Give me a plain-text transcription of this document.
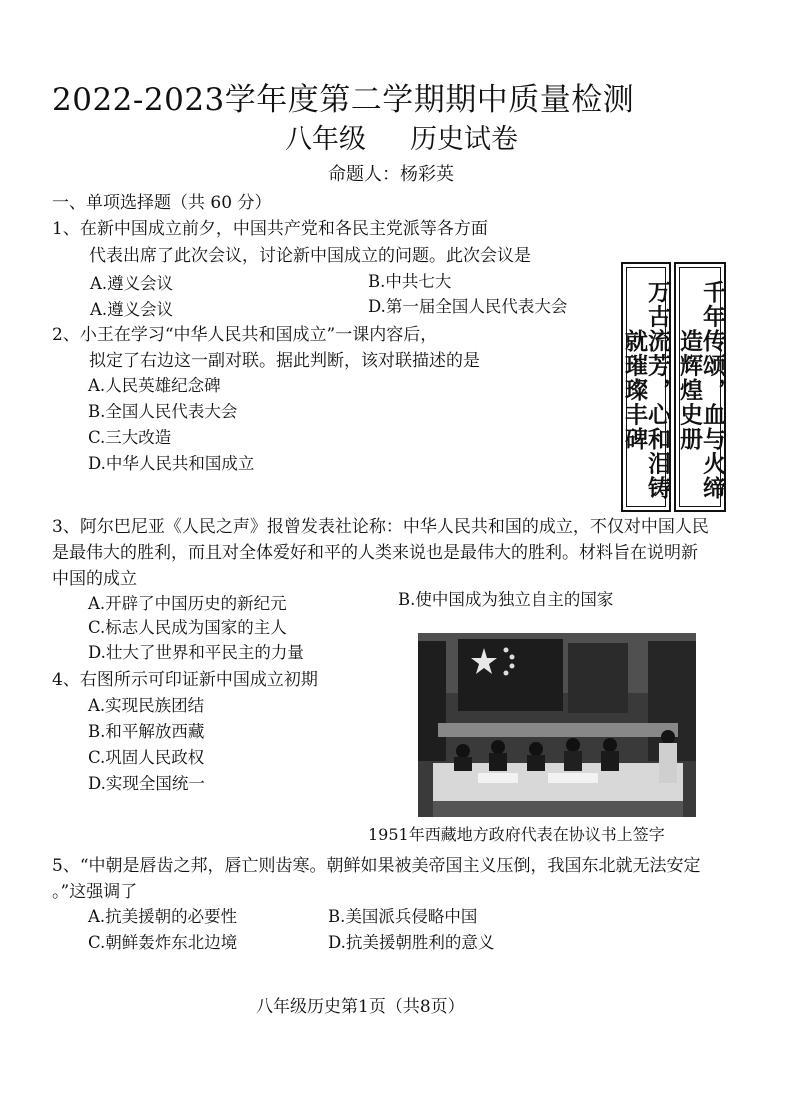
2022-2023学年度第二学期期中质量检测
八年级 历史试卷
命题人：杨彩英
一、单项选择题（共 60 分）
1、在新中国成立前夕，中国共产党和各民主党派等各方面
代表出席了此次会议，讨论新中国成立的问题。此次会议是
A.遵义会议	B.中共七大
A.遵义会议	D.第一届全国人民代表大会	万古流芳，心和泪铸就璀璨丰碑	千年传颂，血与火缔造辉煌史册
2、小王在学习“中华人民共和国成立”一课内容后，
拟定了右边这一副对联。据此判断，该对联描述的是
A.人民英雄纪念碑
B.全国人民代表大会
C.三大改造
D.中华人民共和国成立
3、阿尔巴尼亚《人民之声》报曾发表社论称：中华人民共和国的成立，不仅对中国人民
是最伟大的胜利，而且对全体爱好和平的人类来说也是最伟大的胜利。材料旨在说明新
中国的成立
A.开辟了中国历史的新纪元	B.使中国成为独立自主的国家
C.标志人民成为国家的主人
D.壮大了世界和平民主的力量
4、右图所示可印证新中国成立初期
A.实现民族团结
B.和平解放西藏
C.巩固人民政权
D.实现全国统一
1951年西藏地方政府代表在协议书上签字
5、“中朝是唇齿之邦，唇亡则齿寒。朝鲜如果被美帝国主义压倒，我国东北就无法安定
。”这强调了
A.抗美援朝的必要性	B.美国派兵侵略中国
C.朝鲜轰炸东北边境	D.抗美援朝胜利的意义
八年级历史第1页（共8页）
